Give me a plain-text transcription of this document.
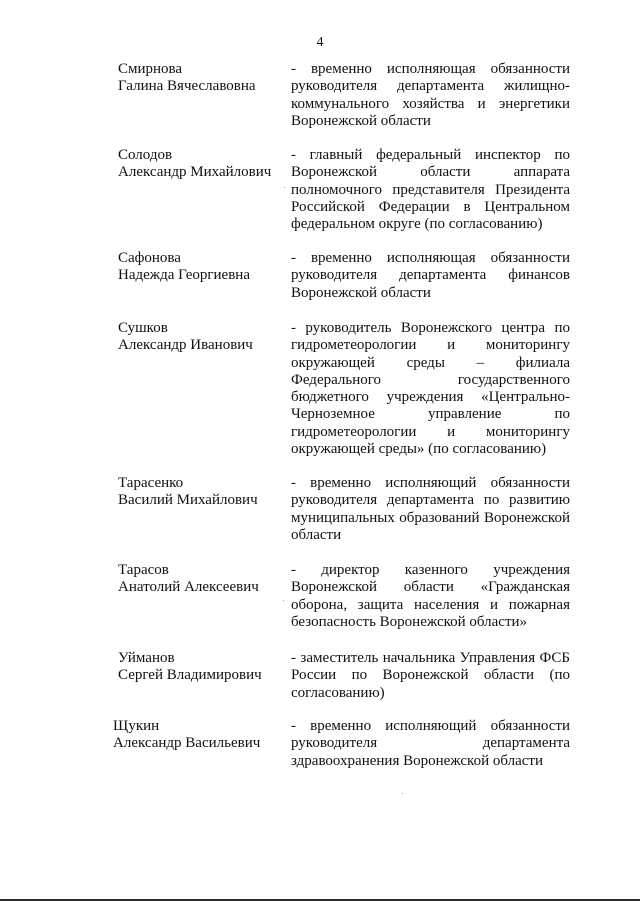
4
Смирнова
Галина Вячеславовна
- временно исполняющая обязанности руководителя департамента жилищно-коммунального хозяйства и энергетики Воронежской области
Солодов
Александр Михайлович
- главный федеральный инспектор по Воронежской области аппарата полномочного представителя Президента Российской Федерации в Центральном федеральном округе (по согласованию)
Сафонова
Надежда Георгиевна
- временно исполняющая обязанности руководителя департамента финансов Воронежской области
Сушков
Александр Иванович
- руководитель Воронежского центра по гидрометеорологии и мониторингу окружающей среды – филиала Федерального государственного бюджетного учреждения «Центрально-Черноземное управление по гидрометеорологии и мониторингу окружающей среды» (по согласованию)
Тарасенко
Василий Михайлович
- временно исполняющий обязанности руководителя департамента по развитию муниципальных образований Воронежской области
Тарасов
Анатолий Алексеевич
- директор казенного учреждения Воронежской области «Гражданская оборона, защита населения и пожарная безопасность Воронежской области»
Уйманов
Сергей Владимирович
- заместитель начальника Управления ФСБ России по Воронежской области (по согласованию)
Щукин
Александр Васильевич
- временно исполняющий обязанности руководителя департамента здравоохранения Воронежской области
